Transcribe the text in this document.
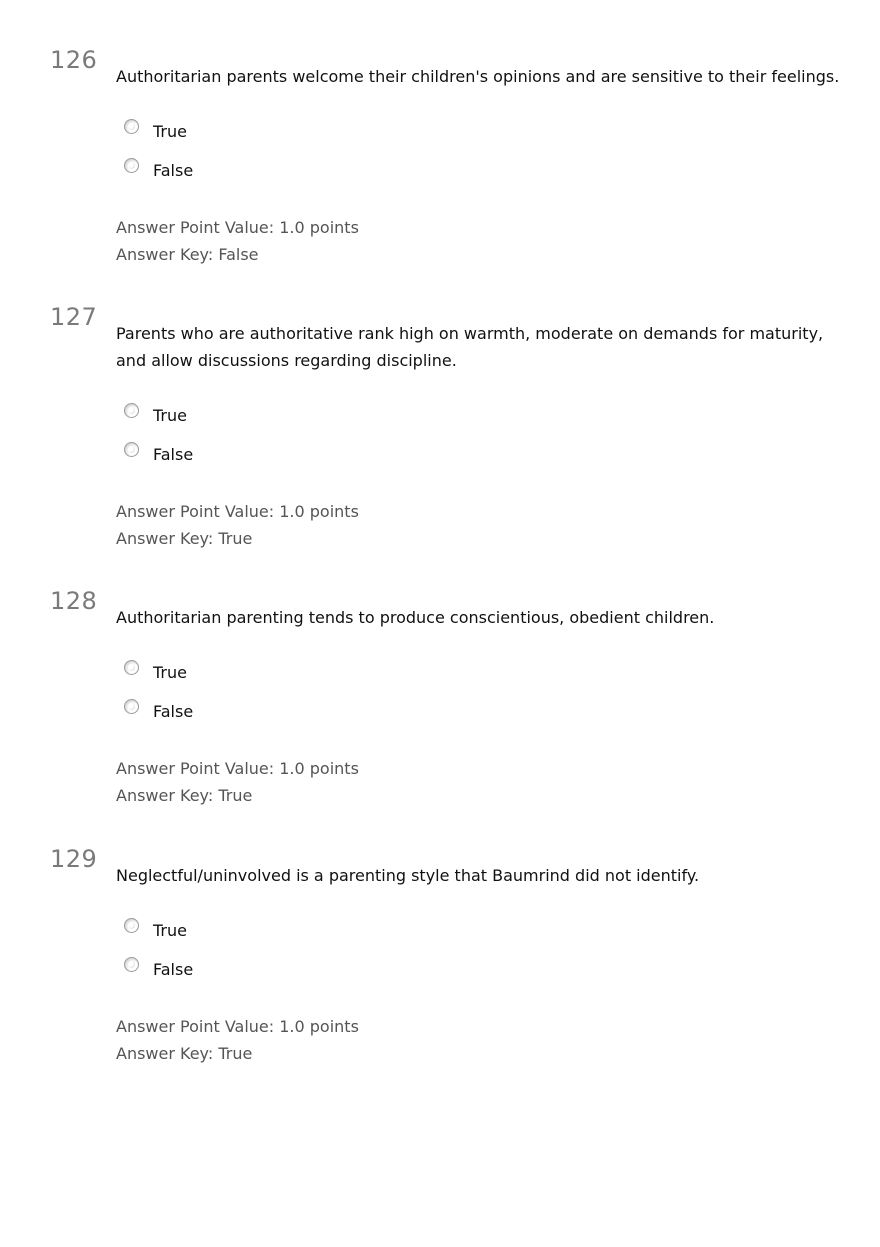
126
Authoritarian parents welcome their children's opinions and are sensitive to their feelings.
True
False
Answer Point Value: 1.0 points
Answer Key: False
127
Parents who are authoritative rank high on warmth, moderate on demands for maturity, and allow discussions regarding discipline.
True
False
Answer Point Value: 1.0 points
Answer Key: True
128
Authoritarian parenting tends to produce conscientious, obedient children.
True
False
Answer Point Value: 1.0 points
Answer Key: True
129
Neglectful/uninvolved is a parenting style that Baumrind did not identify.
True
False
Answer Point Value: 1.0 points
Answer Key: True
